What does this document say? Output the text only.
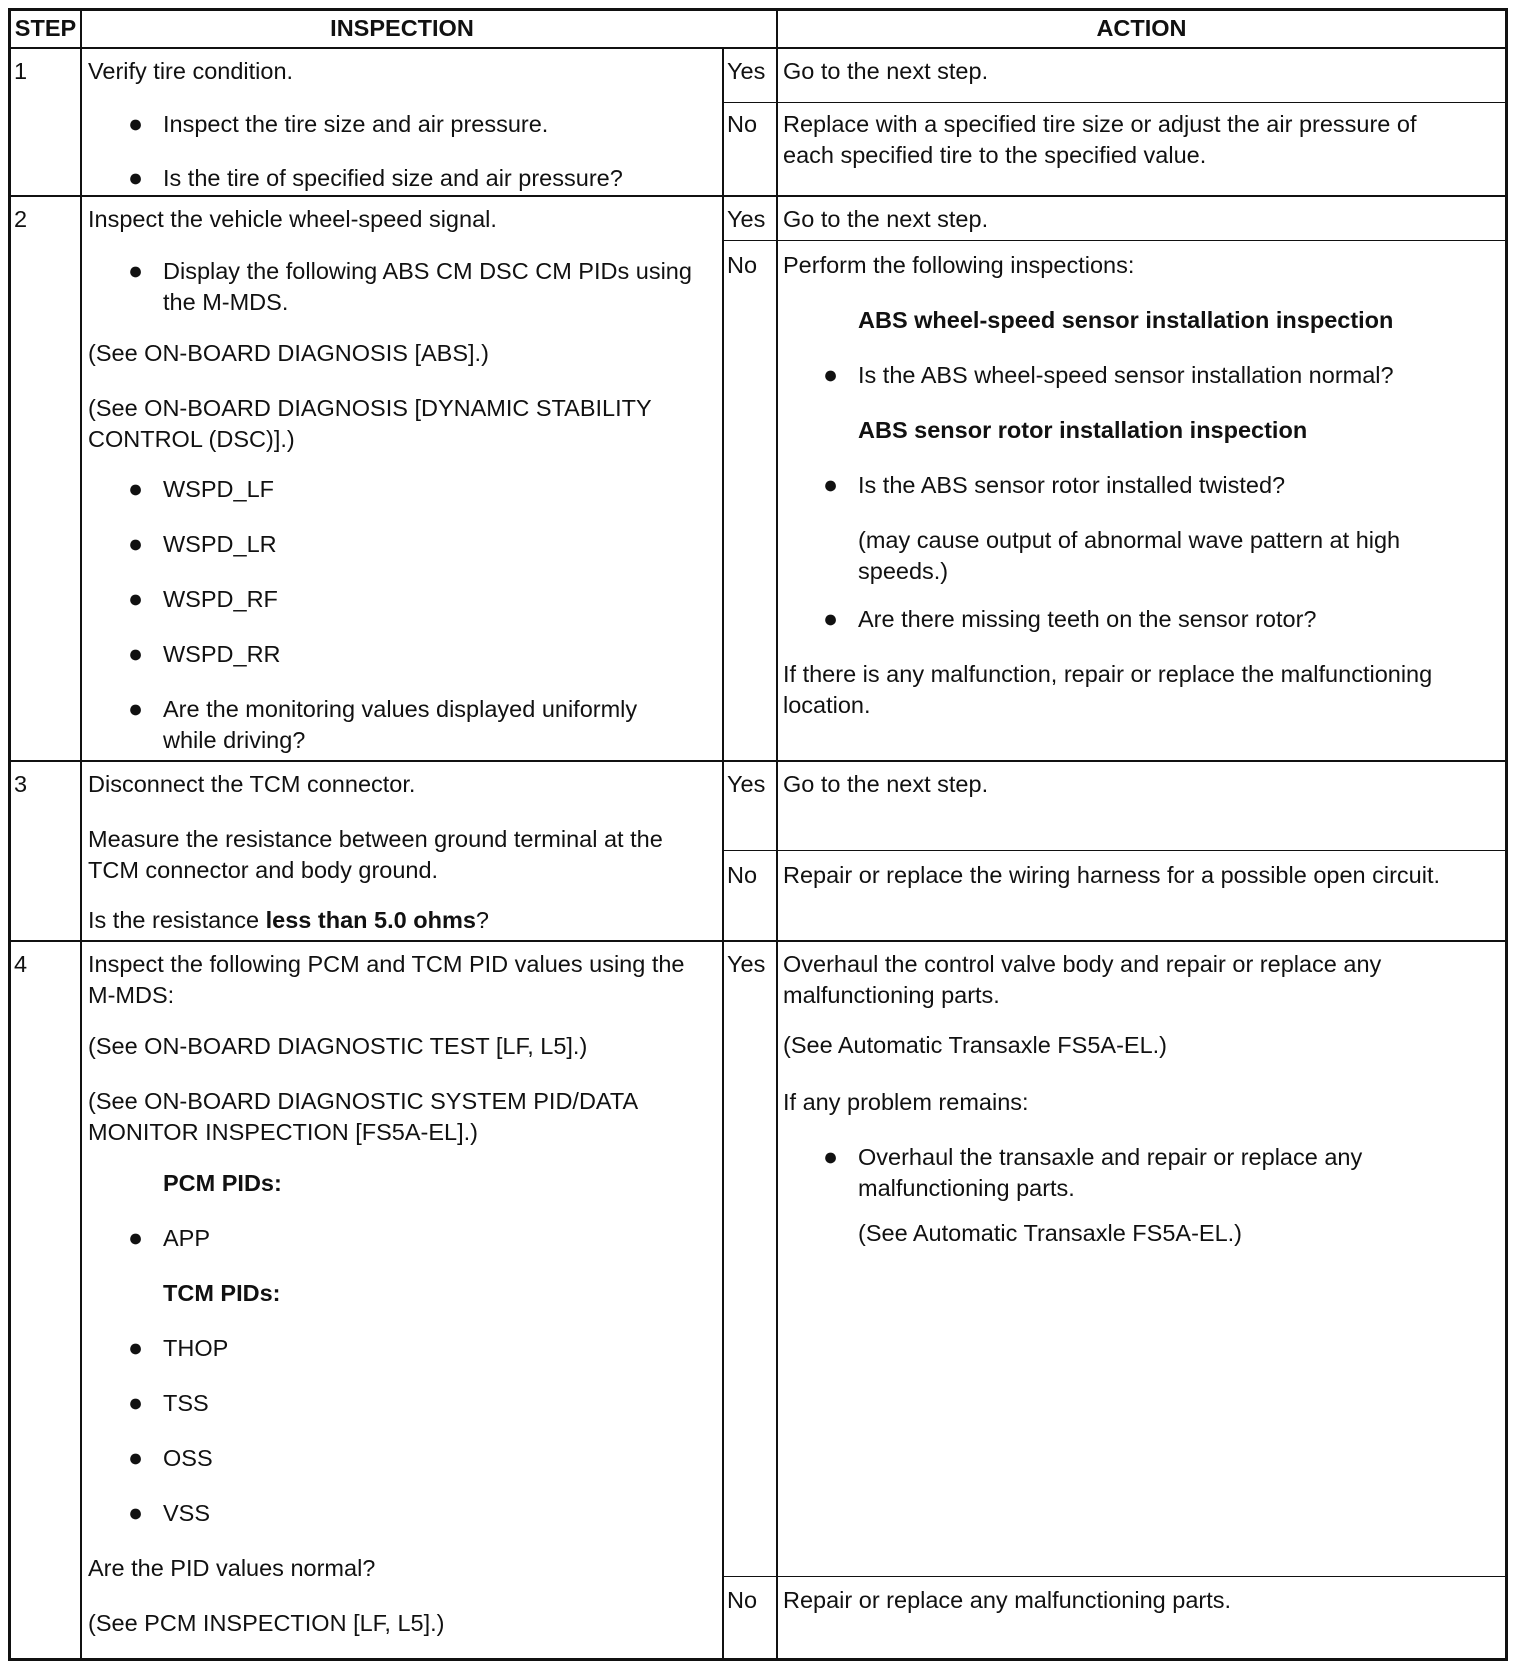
STEP	INSPECTION	ACTION
1	Verify tire condition.
● Inspect the tire size and air pressure.
● Is the tire of specified size and air pressure?
Yes Go to the next step.
No Replace with a specified tire size or adjust the air pressure of each specified tire to the specified value.
2	Inspect the vehicle wheel-speed signal.
● Display the following ABS CM DSC CM PIDs using the M-MDS.
(See ON-BOARD DIAGNOSIS [ABS].)
(See ON-BOARD DIAGNOSIS [DYNAMIC STABILITY CONTROL (DSC)].)
● WSPD_LF
● WSPD_LR
● WSPD_RF
● WSPD_RR
● Are the monitoring values displayed uniformly while driving?
Yes Go to the next step.
No Perform the following inspections:
ABS wheel-speed sensor installation inspection
● Is the ABS wheel-speed sensor installation normal?
ABS sensor rotor installation inspection
● Is the ABS sensor rotor installed twisted?
(may cause output of abnormal wave pattern at high speeds.)
● Are there missing teeth on the sensor rotor?
If there is any malfunction, repair or replace the malfunctioning location.
3	Disconnect the TCM connector.
Measure the resistance between ground terminal at the TCM connector and body ground.
Is the resistance less than 5.0 ohms?
Yes Go to the next step.
No Repair or replace the wiring harness for a possible open circuit.
4	Inspect the following PCM and TCM PID values using the M-MDS:
(See ON-BOARD DIAGNOSTIC TEST [LF, L5].)
(See ON-BOARD DIAGNOSTIC SYSTEM PID/DATA MONITOR INSPECTION [FS5A-EL].)
PCM PIDs:
● APP
TCM PIDs:
● THOP
● TSS
● OSS
● VSS
Are the PID values normal?
(See PCM INSPECTION [LF, L5].)
Yes Overhaul the control valve body and repair or replace any malfunctioning parts.
(See Automatic Transaxle FS5A-EL.)
If any problem remains:
● Overhaul the transaxle and repair or replace any malfunctioning parts.
(See Automatic Transaxle FS5A-EL.)
No Repair or replace any malfunctioning parts.
